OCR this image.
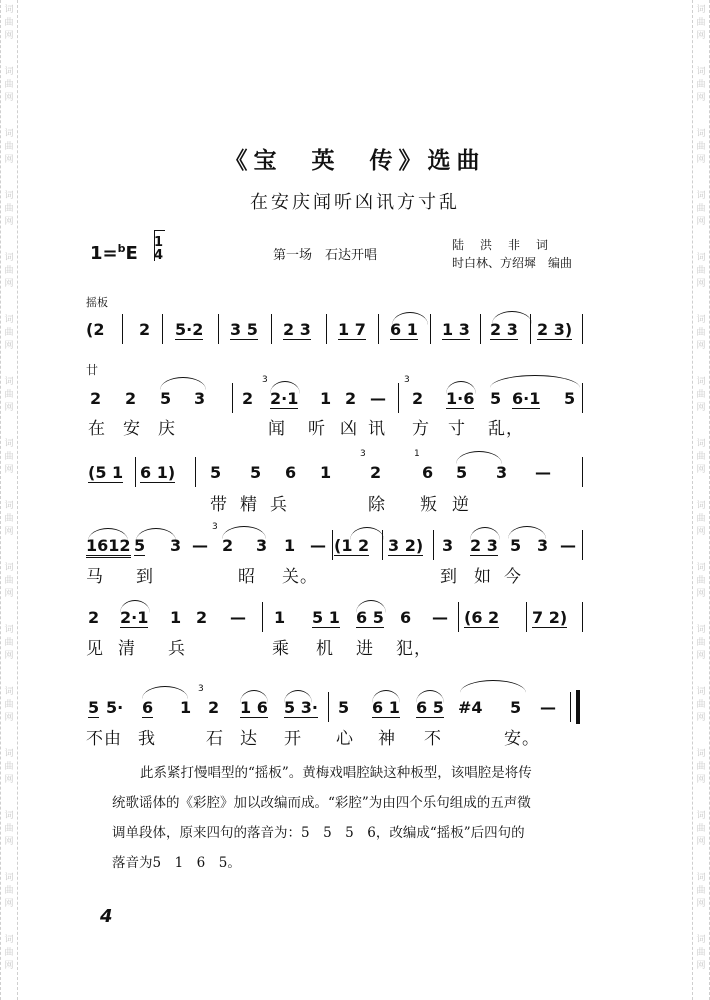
词
曲
网
词
曲
网
词
曲
网
词
曲
网
词
曲
网
词
曲
网
词
曲
网
词
曲
网
词
曲
网
词
曲
网
词
曲
网
词
曲
网
词
曲
网
词
曲
网
词
曲
网
词
曲
网
词
曲
网
词
曲
网
词
曲
网
词
曲
网
词
曲
网
词
曲
网
词
曲
网
词
曲
网
词
曲
网
词
曲
网
词
曲
网
词
曲
网
词
曲
网
词
曲
网
词
曲
网
词
曲
网
《宝　英　传》选曲
在安庆闻听凶讯方寸乱
1=$^b$E
1
4	第一场　石达开唱
陆　洪　非　词
时白林、方绍墀　编曲
摇板
廿
(2 2 5·2 3 5 2 3 1 7 6 1 1 3 2 3 2 3)
2 2 5 3 2
3
2·1 1 2 —
3
2 1·6 5 6·1 5
在 安 庆	闻 听 凶 讯 方 寸 乱，
(5 1 6 1) 5 5 6 1
3
2
1
6 5 3 —
带 精 兵	除 叛 逆
1612 5 3 —
3
2 3 1 — (1 2 3 2) 3 2 3 5 3 —
马 到	昭 关。	到 如 今
2 2·1 1 2 — 1 5 1 6 5 6 — (6 2 7 2)
见 清 兵	乘 机 进 犯，
5 5· 6 1
3
2 1 6 5 3· 5 6 1 6 5 #4 5 —
不由 我	石 达 开 心 神 不	安。
此系紧打慢唱型的“摇板”。黄梅戏唱腔缺这种板型，该唱腔是将传
统歌谣体的《彩腔》加以改编而成。“彩腔”为由四个乐句组成的五声徵
调单段体，原来四句的落音为：5　5　5　6，改编成“摇板”后四句的
落音为5　1　6　5。
4
